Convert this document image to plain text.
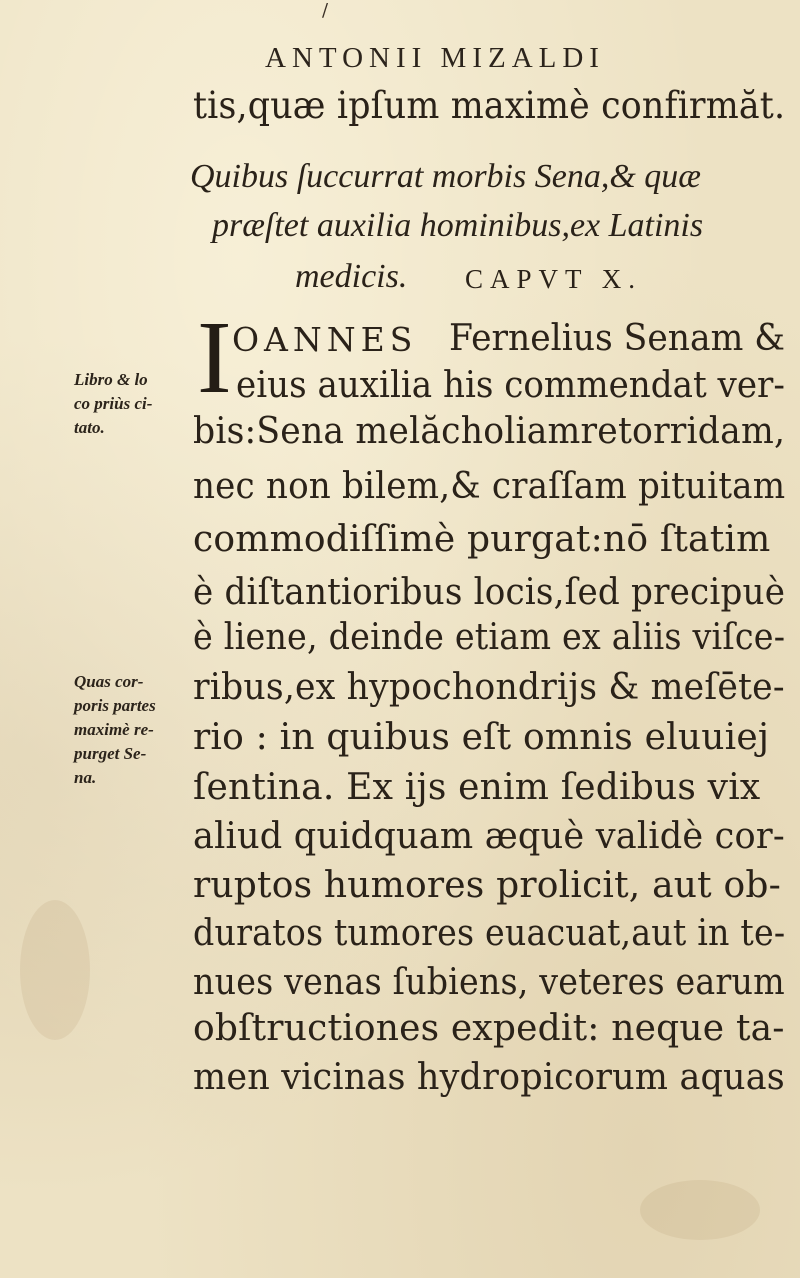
/
ANTONII MIZALDI
tis,quæ ipſum maximè confirmăt.
Quibus ſuccurrat morbis Sena,& quæ
præſtet auxilia hominibus,ex Latinis
medicis. CAPVT X.
I OANNES Fernelius Senam &
eius auxilia his commendat ver-
bis:Sena melăcholiamretorridam,
nec non bilem,& craſſam pituitam
commodiſſimè purgat:nō ſtatim
è diſtantioribus locis,ſed precipuè
è liene, deinde etiam ex aliis viſce-
ribus,ex hypochondrijs & meſēte-
rio : in quibus eſt omnis eluuiej
ſentina. Ex ijs enim ſedibus vix
aliud quidquam æquè validè cor-
ruptos humores prolicit, aut ob-
duratos tumores euacuat,aut in te-
nues venas ſubiens, veteres earum
obſtructiones expedit: neque ta-
men vicinas hydropicorum aquas
Libro & lo
co priùs ci-
tato.
Quas cor-
poris partes
maximè re-
purget Se-
na.
